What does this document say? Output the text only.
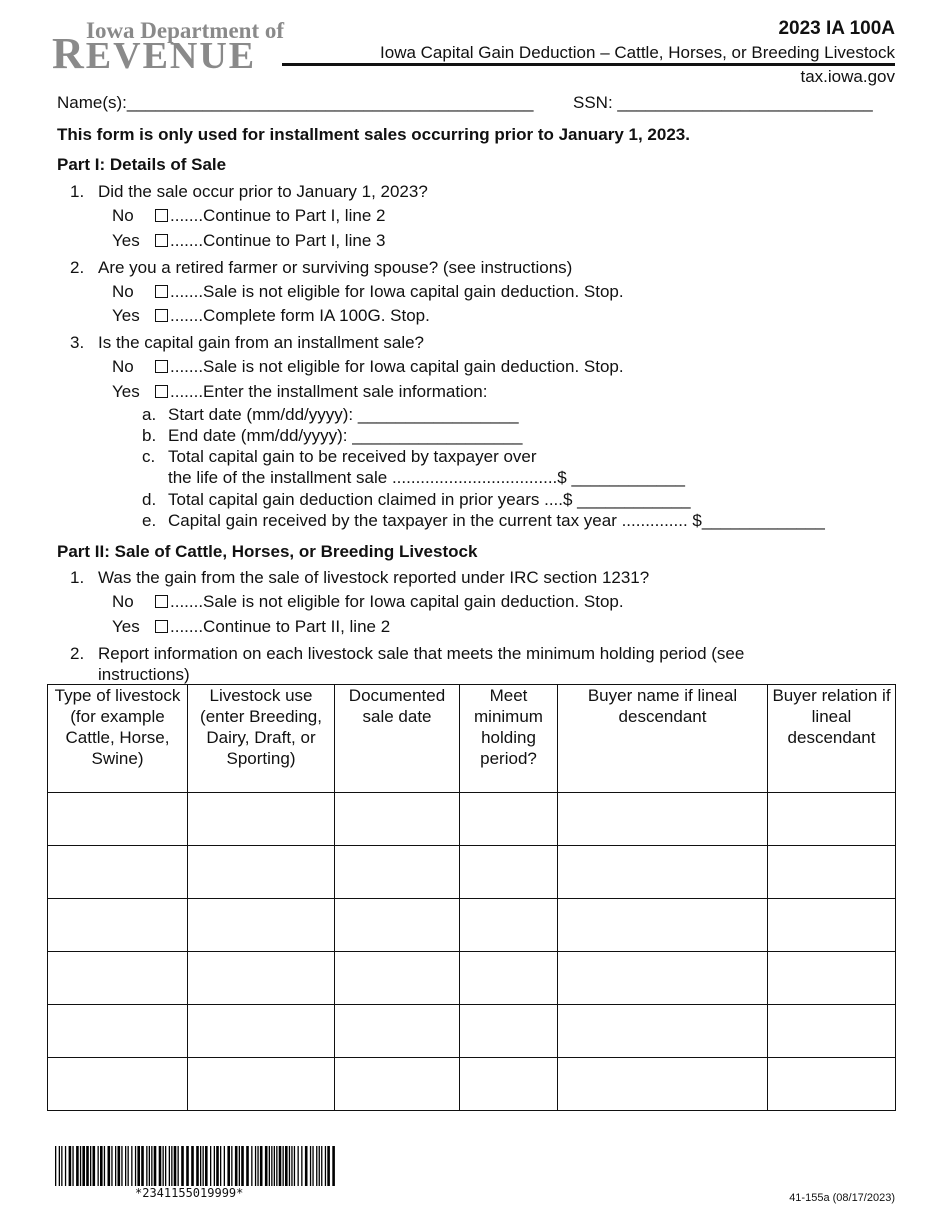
Iowa Department of
REVENUE
2023 IA 100A
Iowa Capital Gain Deduction – Cattle, Horses, or Breeding Livestock
tax.iowa.gov
Name(s):___________________________________________ SSN: ___________________________
This form is only used for installment sales occurring prior to January 1, 2023.
Part I: Details of Sale
1. Did the sale occur prior to January 1, 2023?
No	.......Continue to Part I, line 2
Yes	.......Continue to Part I, line 3
2. Are you a retired farmer or surviving spouse? (see instructions)
No	.......Sale is not eligible for Iowa capital gain deduction. Stop.
Yes	.......Complete form IA 100G. Stop.
3. Is the capital gain from an installment sale?
No	.......Sale is not eligible for Iowa capital gain deduction. Stop.
Yes	.......Enter the installment sale information:
a. Start date (mm/dd/yyyy): _________________
b. End date (mm/dd/yyyy): __________________
c. Total capital gain to be received by taxpayer over
the life of the installment sale ...................................$ ____________
d. Total capital gain deduction claimed in prior years ....$ ____________
e. Capital gain received by the taxpayer in the current tax year .............. $_____________
Part II: Sale of Cattle, Horses, or Breeding Livestock
1. Was the gain from the sale of livestock reported under IRC section 1231?
No	.......Sale is not eligible for Iowa capital gain deduction. Stop.
Yes	.......Continue to Part II, line 2
2. Report information on each livestock sale that meets the minimum holding period (see
instructions)
Type of livestock (for example Cattle, Horse, Swine)	Livestock use (enter Breeding, Dairy, Draft, or Sporting)	Documented sale date	Meet minimum holding period?	Buyer name if lineal descendant	Buyer relation if lineal descendant

*2341155019999*	41-155a (08/17/2023)
